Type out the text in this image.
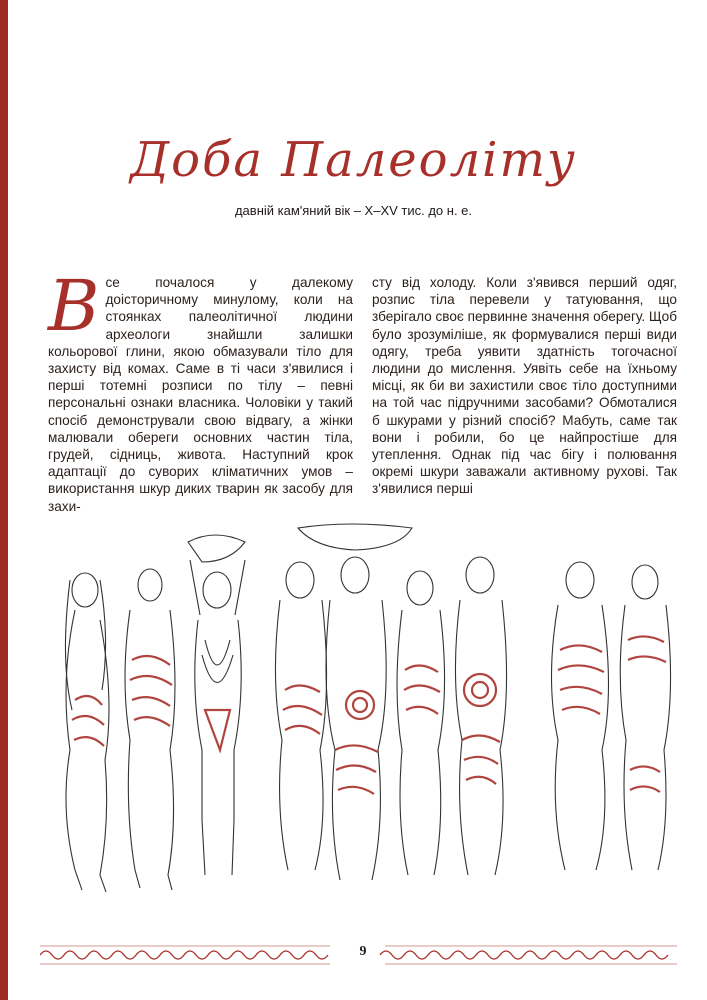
Доба Палеоліту
давній кам'яний вік – X–XV тис. до н. е.
Все почалося у далекому доісторичному минулому, коли на стоянках палеолітичної людини археологи знайшли залишки кольорової глини, якою обмазували тіло для захисту від комах. Саме в ті часи з'явилися і перші тотемні розписи по тілу – певні персональні ознаки власника. Чоловіки у такий спосіб демонстрували свою відвагу, а жінки малювали обереги основних частин тіла, грудей, сідниць, живота. Наступний крок адаптації до суворих кліматичних умов – використання шкур диких тварин як засобу для захи-
сту від холоду. Коли з'явився перший одяг, розпис тіла перевели у татуювання, що зберігало своє первинне значення оберегу. Щоб було зрозуміліше, як формувалися перші види одягу, треба уявити здатність тогочасної людини до мислення. Уявіть себе на їхньому місці, як би ви захистили своє тіло доступними на той час підручними засобами? Обмоталися б шкурами у різний спосіб? Мабуть, саме так вони і робили, бо це найпростіше для утеплення. Однак під час бігу і полювання окремі шкури заважали активному руховi. Так з'явилися перші
9
